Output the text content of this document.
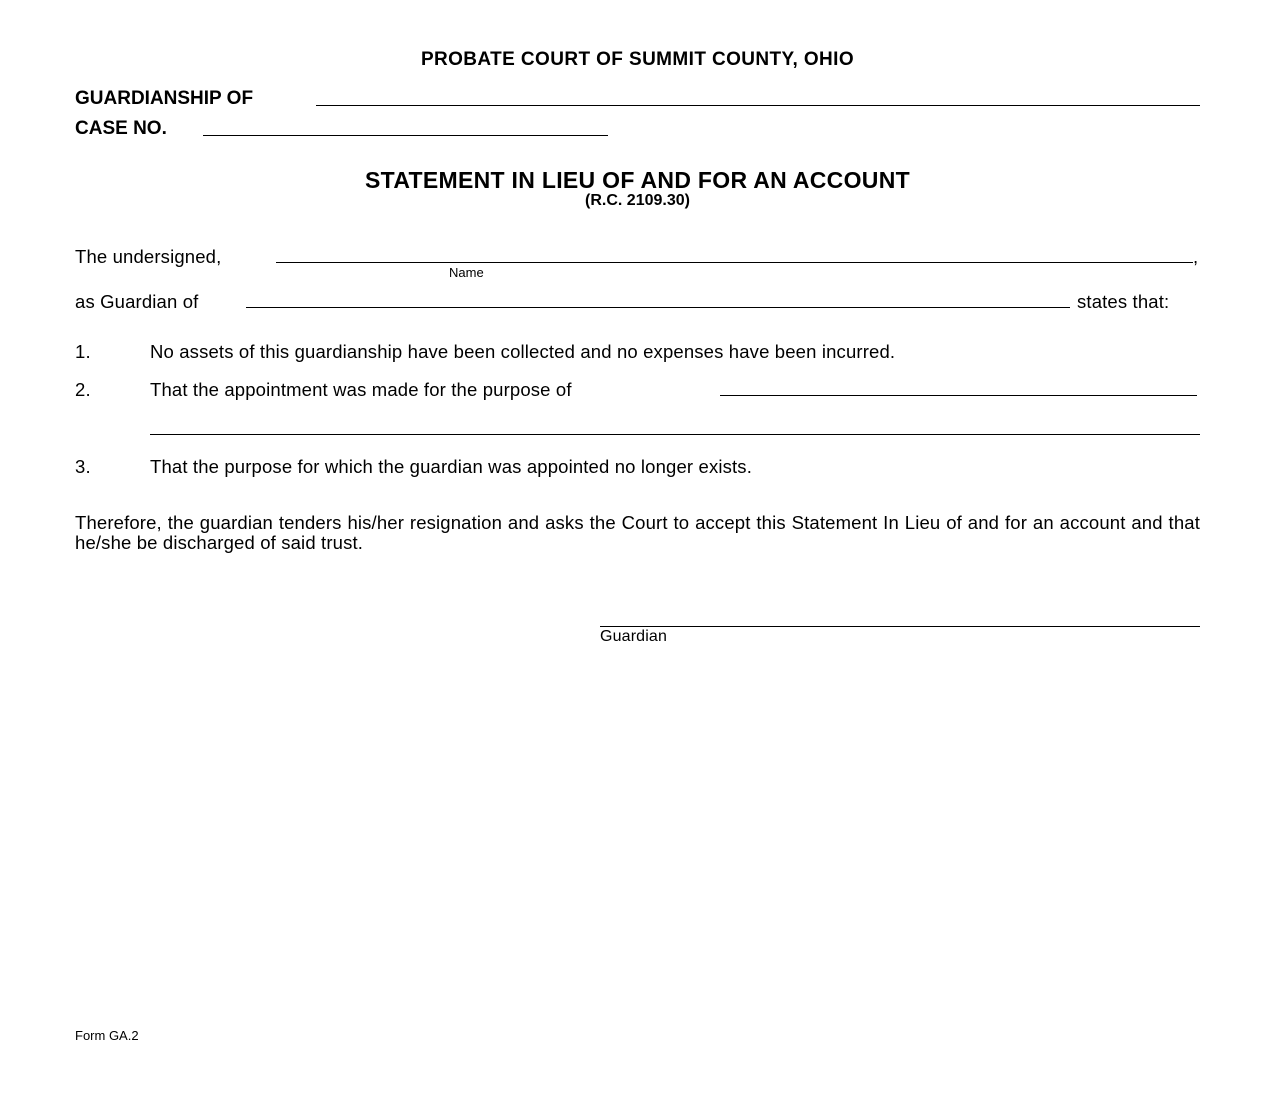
PROBATE COURT OF SUMMIT COUNTY, OHIO
GUARDIANSHIP OF
CASE NO.
STATEMENT IN LIEU OF AND FOR AN ACCOUNT
(R.C. 2109.30)
The undersigned,	,
Name
as Guardian of	states that:
1.	No assets of this guardianship have been collected and no expenses have been incurred.
2.	That the appointment was made for the purpose of
3.	That the purpose for which the guardian was appointed no longer exists.
Therefore, the guardian tenders his/her resignation and asks the Court to accept this Statement In Lieu of and for an account and that he/she be discharged of said trust.
Guardian
Form GA.2
